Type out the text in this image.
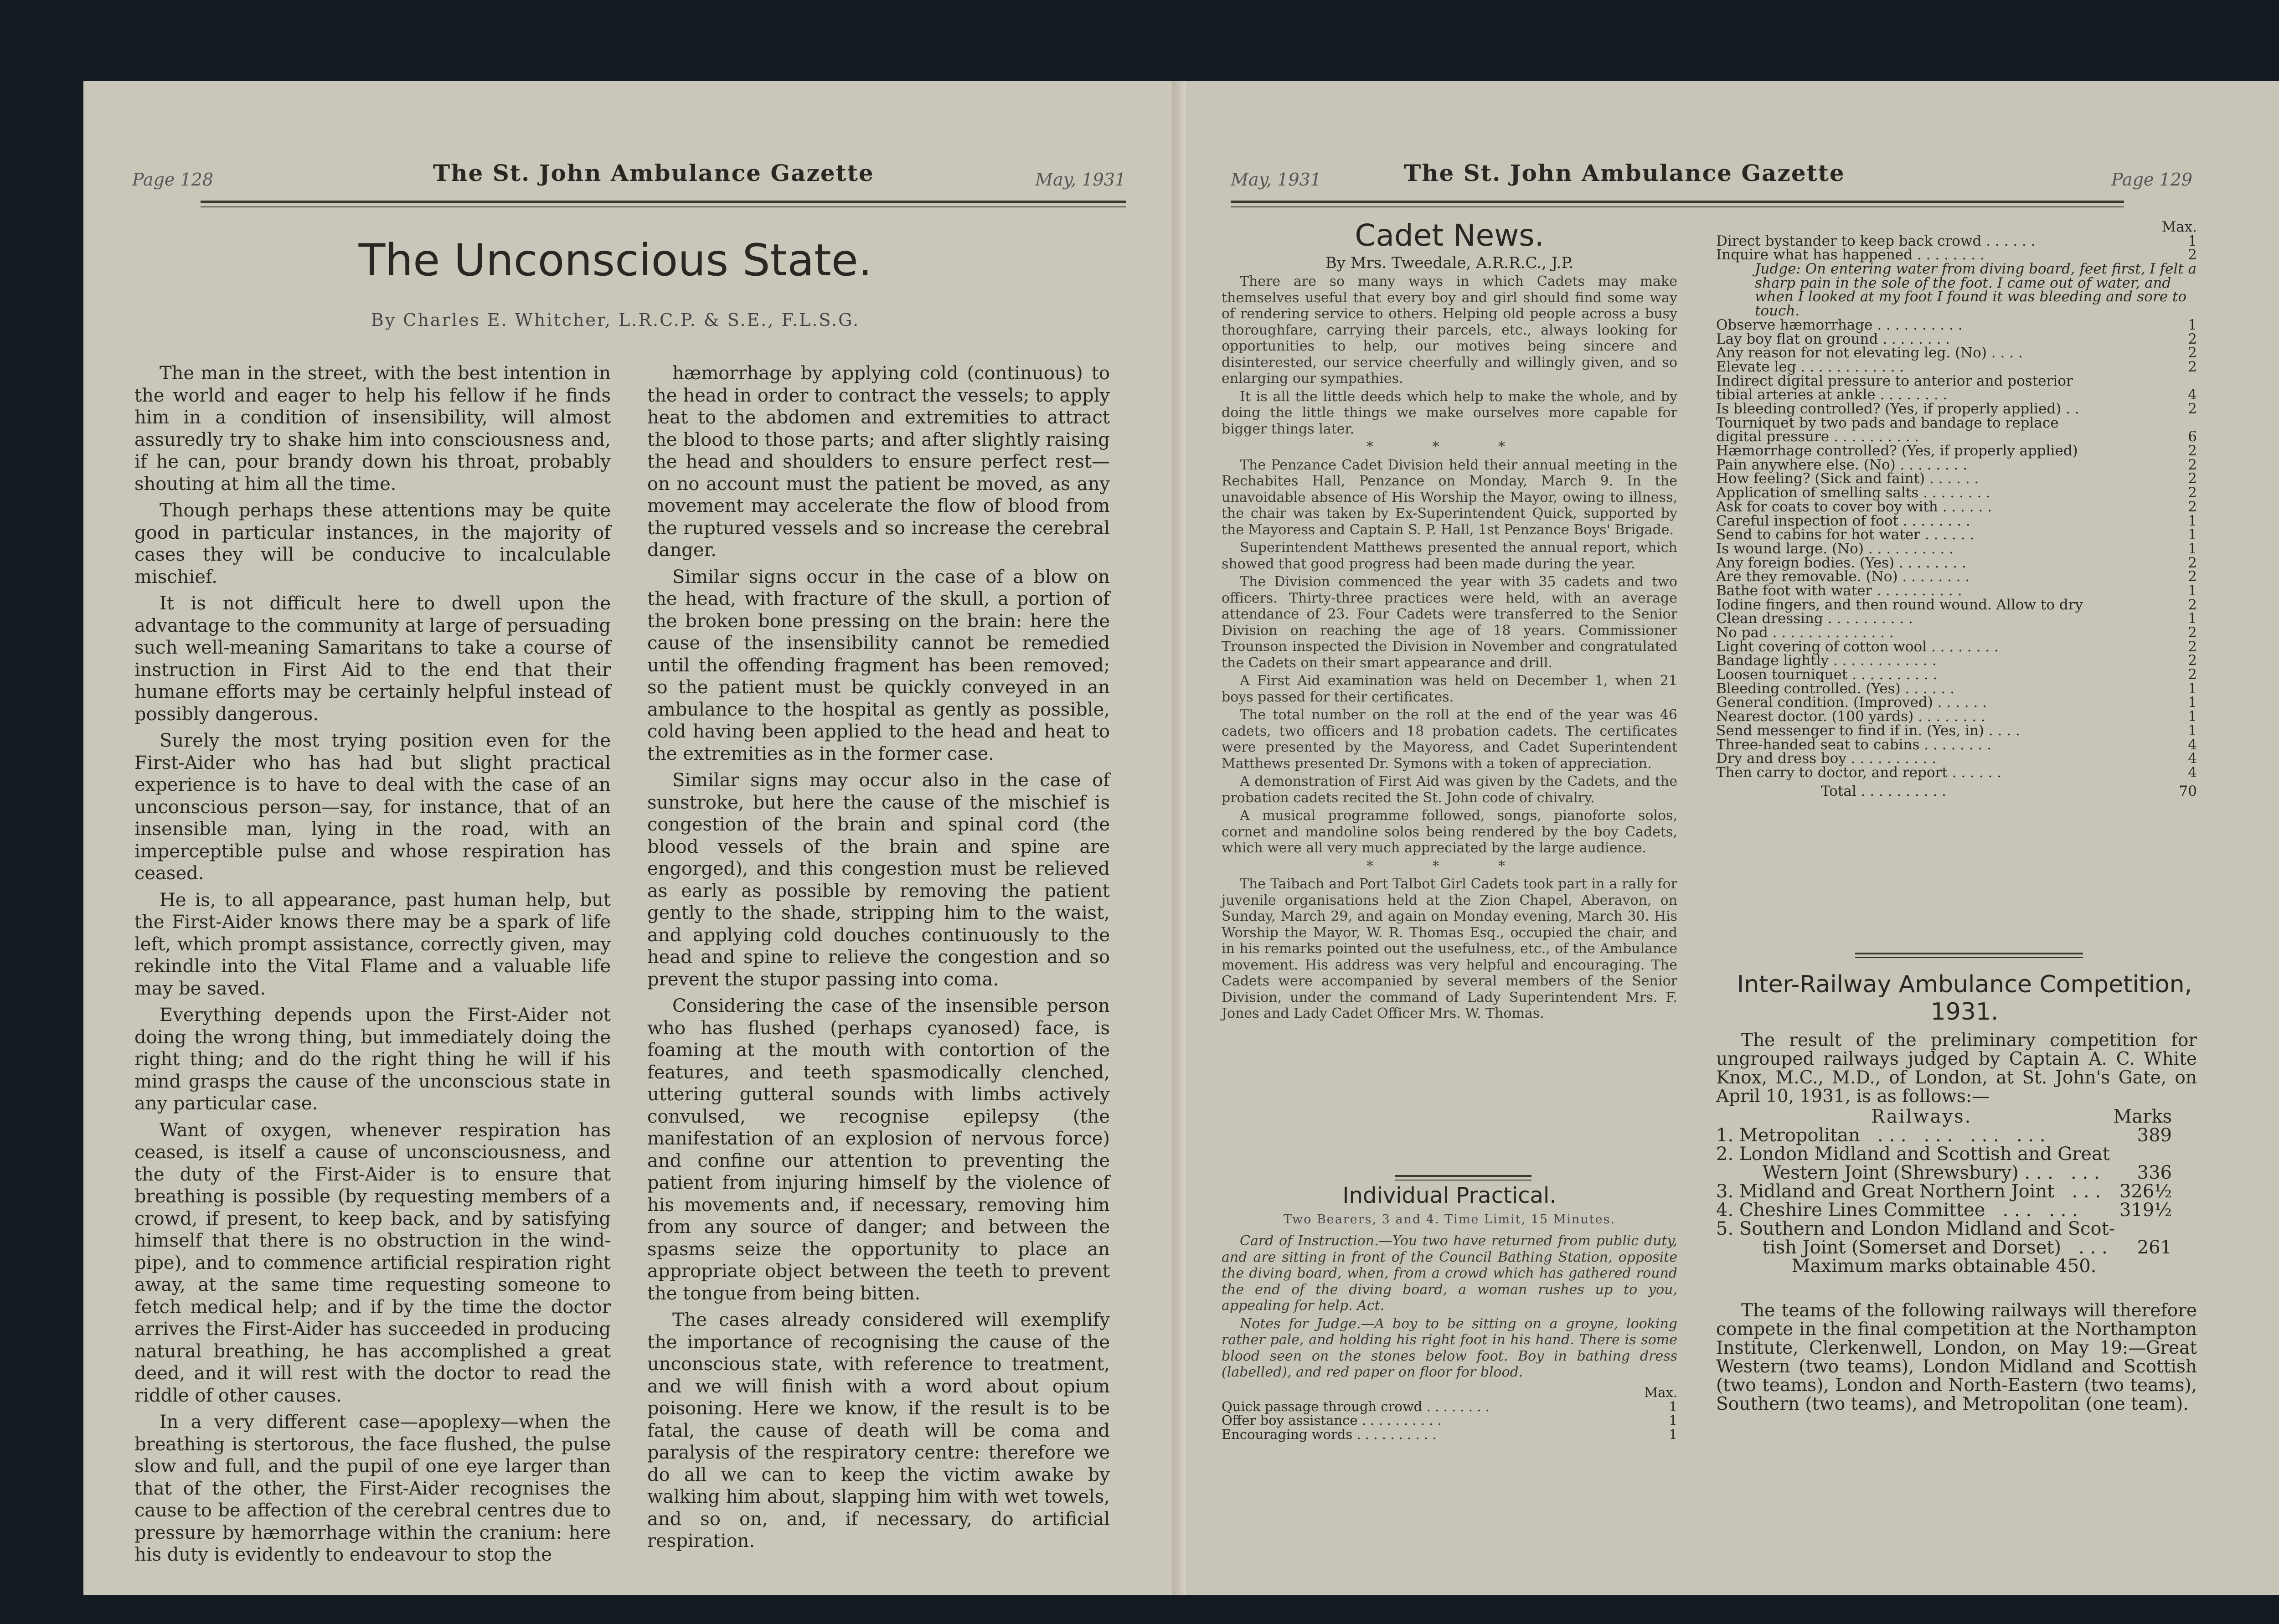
Page 128	The St. John Ambulance Gazette	May, 1931
The Unconscious State.
By Charles E. Whitcher, L.R.C.P. & S.E., F.L.S.G.

The man in the street, with the best intention in the world and eager to help his fellow if he finds him in a condition of insensibility, will almost assuredly try to shake him into consciousness and, if he can, pour brandy down his throat, probably shouting at him all the time.

Though perhaps these attentions may be quite good in particular instances, in the majority of cases they will be conducive to incalculable mischief.

It is not difficult here to dwell upon the advantage to the community at large of persuading such well-meaning Samaritans to take a course of instruction in First Aid to the end that their humane efforts may be certainly helpful instead of possibly dangerous.

Surely the most trying position even for the First-Aider who has had but slight practical experience is to have to deal with the case of an unconscious person—say, for instance, that of an insensible man, lying in the road, with an imperceptible pulse and whose respiration has ceased.

He is, to all appearance, past human help, but the First-Aider knows there may be a spark of life left, which prompt assistance, correctly given, may rekindle into the Vital Flame and a valuable life may be saved.

Everything depends upon the First-Aider not doing the wrong thing, but immediately doing the right thing; and do the right thing he will if his mind grasps the cause of the unconscious state in any particular case.

Want of oxygen, whenever respiration has ceased, is itself a cause of unconsciousness, and the duty of the First-Aider is to ensure that breathing is possible (by requesting members of a crowd, if present, to keep back, and by satisfying himself that there is no obstruction in the wind-pipe), and to commence artificial respiration right away, at the same time requesting someone to fetch medical help; and if by the time the doctor arrives the First-Aider has succeeded in producing natural breathing, he has accomplished a great deed, and it will rest with the doctor to read the riddle of other causes.

In a very different case—apoplexy—when the breathing is stertorous, the face flushed, the pulse slow and full, and the pupil of one eye larger than that of the other, the First-Aider recognises the cause to be affection of the cerebral centres due to pressure by hæmorrhage within the cranium: here his duty is evidently to endeavour to stop the

hæmorrhage by applying cold (continuous) to the head in order to contract the vessels; to apply heat to the abdomen and extremities to attract the blood to those parts; and after slightly raising the head and shoulders to ensure perfect rest—on no account must the patient be moved, as any movement may accelerate the flow of blood from the ruptured vessels and so increase the cerebral danger.

Similar signs occur in the case of a blow on the head, with fracture of the skull, a portion of the broken bone pressing on the brain: here the cause of the insensibility cannot be remedied until the offending fragment has been removed; so the patient must be quickly conveyed in an ambulance to the hospital as gently as possible, cold having been applied to the head and heat to the extremities as in the former case.

Similar signs may occur also in the case of sunstroke, but here the cause of the mischief is congestion of the brain and spinal cord (the blood vessels of the brain and spine are engorged), and this congestion must be relieved as early as possible by removing the patient gently to the shade, stripping him to the waist, and applying cold douches continuously to the head and spine to relieve the congestion and so prevent the stupor passing into coma.

Considering the case of the insensible person who has flushed (perhaps cyanosed) face, is foaming at the mouth with contortion of the features, and teeth spasmodically clenched, uttering gutteral sounds with limbs actively convulsed, we recognise epilepsy (the manifestation of an explosion of nervous force) and confine our attention to preventing the patient from injuring himself by the violence of his movements and, if necessary, removing him from any source of danger; and between the spasms seize the opportunity to place an appropriate object between the teeth to prevent the tongue from being bitten.

The cases already considered will exemplify the importance of recognising the cause of the unconscious state, with reference to treatment, and we will finish with a word about opium poisoning. Here we know, if the result is to be fatal, the cause of death will be coma and paralysis of the respiratory centre: therefore we do all we can to keep the victim awake by walking him about, slapping him with wet towels, and so on, and, if necessary, do artificial respiration.

May, 1931	The St. John Ambulance Gazette	Page 129
Cadet News.
By Mrs. Tweedale, A.R.R.C., J.P.

There are so many ways in which Cadets may make themselves useful that every boy and girl should find some way of rendering service to others. Helping old people across a busy thoroughfare, carrying their parcels, etc., always looking for opportunities to help, our motives being sincere and disinterested, our service cheerfully and willingly given, and so enlarging our sympathies.

It is all the little deeds which help to make the whole, and by doing the little things we make ourselves more capable for bigger things later.

* * *

The Penzance Cadet Division held their annual meeting in the Rechabites Hall, Penzance on Monday, March 9. In the unavoidable absence of His Worship the Mayor, owing to illness, the chair was taken by Ex-Superintendent Quick, supported by the Mayoress and Captain S. P. Hall, 1st Penzance Boys' Brigade.

Superintendent Matthews presented the annual report, which showed that good progress had been made during the year.

The Division commenced the year with 35 cadets and two officers. Thirty-three practices were held, with an average attendance of 23. Four Cadets were transferred to the Senior Division on reaching the age of 18 years. Commissioner Trounson inspected the Division in November and congratulated the Cadets on their smart appearance and drill.

A First Aid examination was held on December 1, when 21 boys passed for their certificates.

The total number on the roll at the end of the year was 46 cadets, two officers and 18 probation cadets. The certificates were presented by the Mayoress, and Cadet Superintendent Matthews presented Dr. Symons with a token of appreciation.

A demonstration of First Aid was given by the Cadets, and the probation cadets recited the St. John code of chivalry.

A musical programme followed, songs, pianoforte solos, cornet and mandoline solos being rendered by the boy Cadets, which were all very much appreciated by the large audience.

* * *

The Taibach and Port Talbot Girl Cadets took part in a rally for juvenile organisations held at the Zion Chapel, Aberavon, on Sunday, March 29, and again on Monday evening, March 30. His Worship the Mayor, W. R. Thomas Esq., occupied the chair, and in his remarks pointed out the usefulness, etc., of the Ambulance movement. His address was very helpful and encouraging. The Cadets were accompanied by several members of the Senior Division, under the command of Lady Superintendent Mrs. F. Jones and Lady Cadet Officer Mrs. W. Thomas.

Individual Practical.
Two Bearers, 3 and 4. Time Limit, 15 Minutes.

Card of Instruction.—You two have returned from public duty, and are sitting in front of the Council Bathing Station, opposite the diving board, when, from a crowd which has gathered round the end of the diving board, a woman rushes up to you, appealing for help. Act.

Notes for Judge.—A boy to be sitting on a groyne, looking rather pale, and holding his right foot in his hand. There is some blood seen on the stones below foot. Boy in bathing dress (labelled), and red paper on floor for blood.

Max.
Quick passage through crowd . . . . . . . .	1
Offer boy assistance . . . . . . . . . .	1
Encouraging words . . . . . . . . . .	1
Max.
Direct bystander to keep back crowd . . . . . .	1
Inquire what has happened . . . . . . . .	2
Judge: On entering water from diving board, feet first, I felt a sharp pain in the sole of the foot. I came out of water, and when I looked at my foot I found it was bleeding and sore to touch.
Observe hæmorrhage . . . . . . . . . .	1
Lay boy flat on ground . . . . . . . .	2
Any reason for not elevating leg. (No) . . . .	2
Elevate leg . . . . . . . . . . . .	2
Indirect digital pressure to anterior and posterior
tibial arteries at ankle . . . . . . . .	4
Is bleeding controlled? (Yes, if properly applied) . .	2
Tourniquet by two pads and bandage to replace
digital pressure . . . . . . . . . .	6
Hæmorrhage controlled? (Yes, if properly applied)	2
Pain anywhere else. (No) . . . . . . . .	2
How feeling? (Sick and faint) . . . . . .	2
Application of smelling salts . . . . . . . .	2
Ask for coats to cover boy with . . . . . .	2
Careful inspection of foot . . . . . . . .	1
Send to cabins for hot water . . . . . .	1
Is wound large. (No) . . . . . . . . . .	1
Any foreign bodies. (Yes) . . . . . . . .	2
Are they removable. (No) . . . . . . . .	2
Bathe foot with water . . . . . . . . . .	1
Iodine fingers, and then round wound. Allow to dry	2
Clean dressing . . . . . . . . . .	1
No pad . . . . . . . . . . . . . .	2
Light covering of cotton wool . . . . . . . .	2
Bandage lightly . . . . . . . . . . . .	2
Loosen tourniquet . . . . . . . . . .	2
Bleeding controlled. (Yes) . . . . . .	1
General condition. (Improved) . . . . . .	1
Nearest doctor. (100 yards) . . . . . . . .	1
Send messenger to find if in. (Yes, in) . . . .	1
Three-handed seat to cabins . . . . . . . .	4
Dry and dress boy . . . . . . . . . .	4
Then carry to doctor, and report . . . . . .	4
Total . . . . . . . . . .	70
Inter-Railway Ambulance Competition,
1931.

The result of the preliminary competition for ungrouped railways judged by Captain A. C. White Knox, M.C., M.D., of London, at St. John's Gate, on April 10, 1931, is as follows:—

Railways.	Marks
1. Metropolitan   . . .   . . .   . . .   . . .	389
2. London Midland and Scottish and Great
Western Joint (Shrewsbury) . . .   . . . 336
3. Midland and Great Northern Joint   . . . 326½
4. Cheshire Lines Committee   . . .   . . . 319½
5. Southern and London Midland and Scot-
tish Joint (Somerset and Dorset)   . . . 261
Maximum marks obtainable 450.

The teams of the following railways will therefore compete in the final competition at the Northampton Institute, Clerkenwell, London, on May 19:—Great Western (two teams), London Midland and Scottish (two teams), London and North-Eastern (two teams), Southern (two teams), and Metropolitan (one team).
